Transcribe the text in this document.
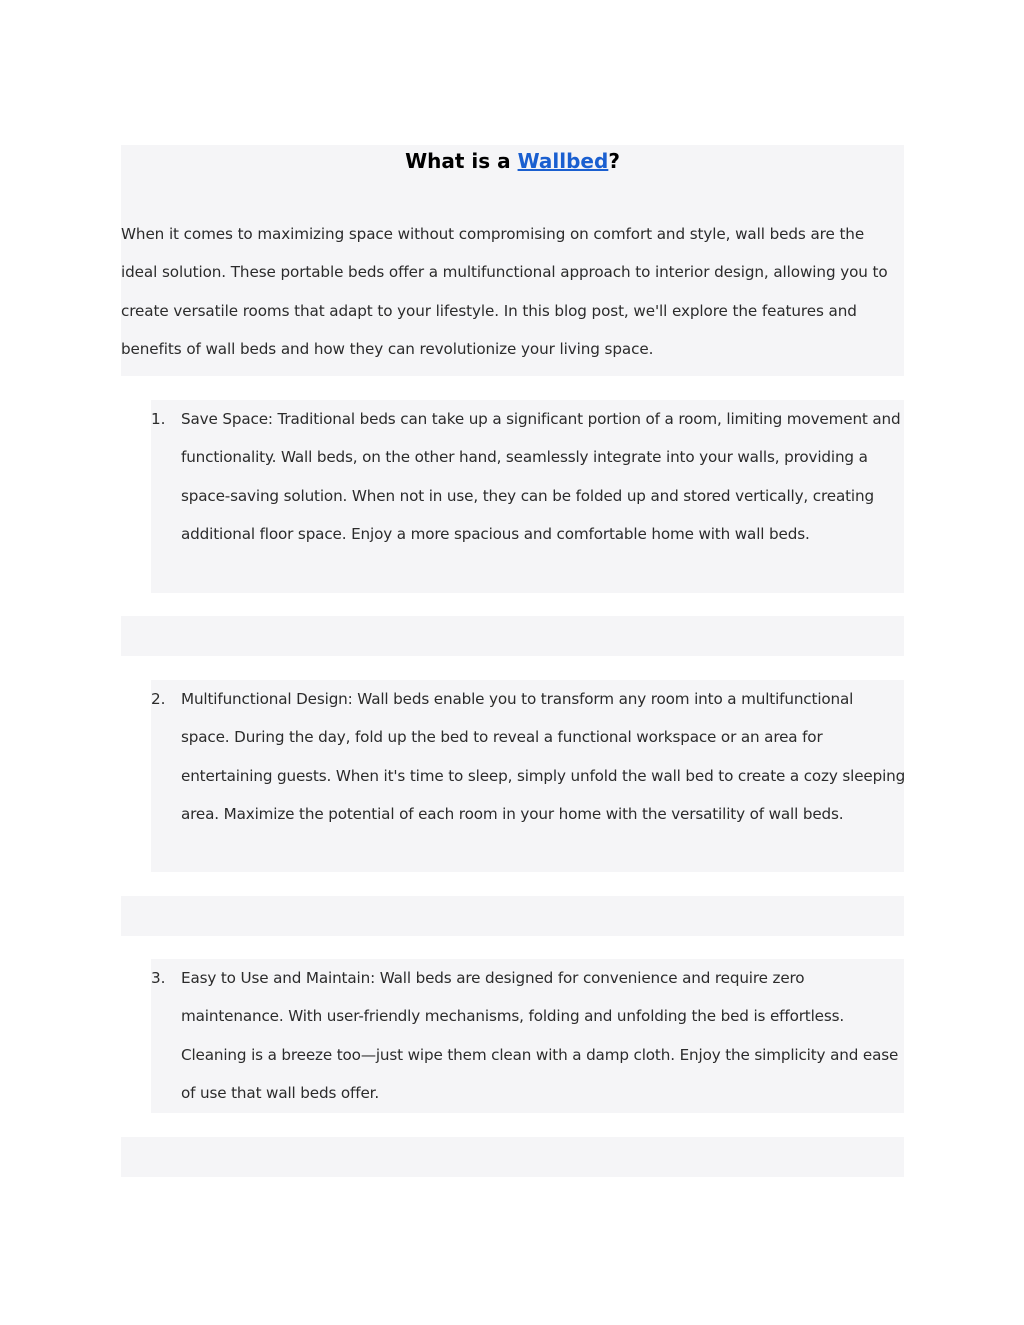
What is a Wallbed?

When it comes to maximizing space without compromising on comfort and style, wall beds are the ideal solution. These portable beds offer a multifunctional approach to interior design, allowing you to create versatile rooms that adapt to your lifestyle. In this blog post, we'll explore the features and benefits of wall beds and how they can revolutionize your living space.

1. Save Space: Traditional beds can take up a significant portion of a room, limiting movement and functionality. Wall beds, on the other hand, seamlessly integrate into your walls, providing a space-saving solution. When not in use, they can be folded up and stored vertically, creating additional floor space. Enjoy a more spacious and comfortable home with wall beds.

2. Multifunctional Design: Wall beds enable you to transform any room into a multifunctional space. During the day, fold up the bed to reveal a functional workspace or an area for entertaining guests. When it's time to sleep, simply unfold the wall bed to create a cozy sleeping area. Maximize the potential of each room in your home with the versatility of wall beds.

3. Easy to Use and Maintain: Wall beds are designed for convenience and require zero maintenance. With user-friendly mechanisms, folding and unfolding the bed is effortless. Cleaning is a breeze too—just wipe them clean with a damp cloth. Enjoy the simplicity and ease of use that wall beds offer.
